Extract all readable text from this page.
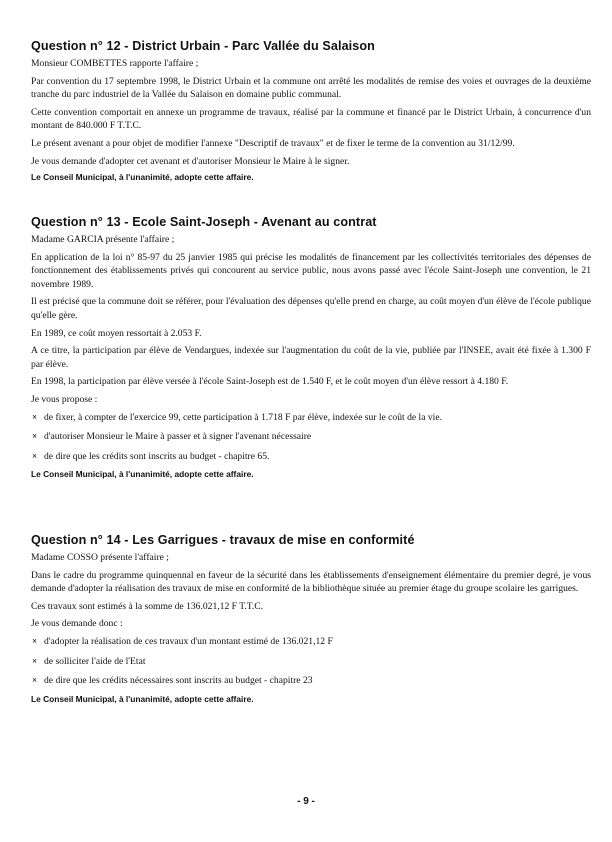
Question n° 12 - District Urbain - Parc Vallée du Salaison

Monsieur COMBETTES rapporte l'affaire ;

Par convention du 17 septembre 1998, le District Urbain et la commune ont arrêté les modalités de remise des voies et ouvrages de la deuxième tranche du parc industriel de la Vallée du Salaison en domaine public communal.

Cette convention comportait en annexe un programme de travaux, réalisé par la commune et financé par le District Urbain, à concurrence d'un montant de 840.000 F T.T.C.

Le présent avenant a pour objet de modifier l'annexe "Descriptif de travaux" et de fixer le terme de la convention au 31/12/99.

Je vous demande d'adopter cet avenant et d'autoriser Monsieur le Maire à le signer.

Le Conseil Municipal, à l'unanimité, adopte cette affaire.

Question n° 13 - Ecole Saint-Joseph - Avenant au contrat

Madame GARCIA présente l'affaire ;

En application de la loi n° 85-97 du 25 janvier 1985 qui précise les modalités de financement par les collectivités territoriales des dépenses de fonctionnement des établissements privés qui concourent au service public, nous avons passé avec l'école Saint-Joseph une convention, le 21 novembre 1989.

Il est précisé que la commune doit se référer, pour l'évaluation des dépenses qu'elle prend en charge, au coût moyen d'un élève de l'école publique qu'elle gère.

En 1989, ce coût moyen ressortait à 2.053 F.

A ce titre, la participation par élève de Vendargues, indexée sur l'augmentation du coût de la vie, publiée par l'INSEE, avait été fixée à 1.300 F par élève.

En 1998, la participation par élève versée à l'école Saint-Joseph est de 1.540 F, et le coût moyen d'un élève ressort à 4.180 F.

Je vous propose :

× de fixer, à compter de l'exercice 99, cette participation à 1.718 F par élève, indexée sur le coût de la vie.
× d'autoriser Monsieur le Maire à passer et à signer l'avenant nécessaire
× de dire que les crédits sont inscrits au budget - chapitre 65.

Le Conseil Municipal, à l'unanimité, adopte cette affaire.

Question n° 14 - Les Garrigues - travaux de mise en conformité

Madame COSSO présente l'affaire ;

Dans le cadre du programme quinquennal en faveur de la sécurité dans les établissements d'enseignement élémentaire du premier degré, je vous demande d'adopter la réalisation des travaux de mise en conformité de la bibliothèque située au premier étage du groupe scolaire les garrigues.

Ces travaux sont estimés à la somme de 136.021,12 F T.T.C.

Je vous demande donc :

× d'adopter la réalisation de ces travaux d'un montant estimé de 136.021,12 F
× de solliciter l'aide de l'Etat
× de dire que les crédits nécessaires sont inscrits au budget - chapitre 23

Le Conseil Municipal, à l'unanimité, adopte cette affaire.

- 9 -
